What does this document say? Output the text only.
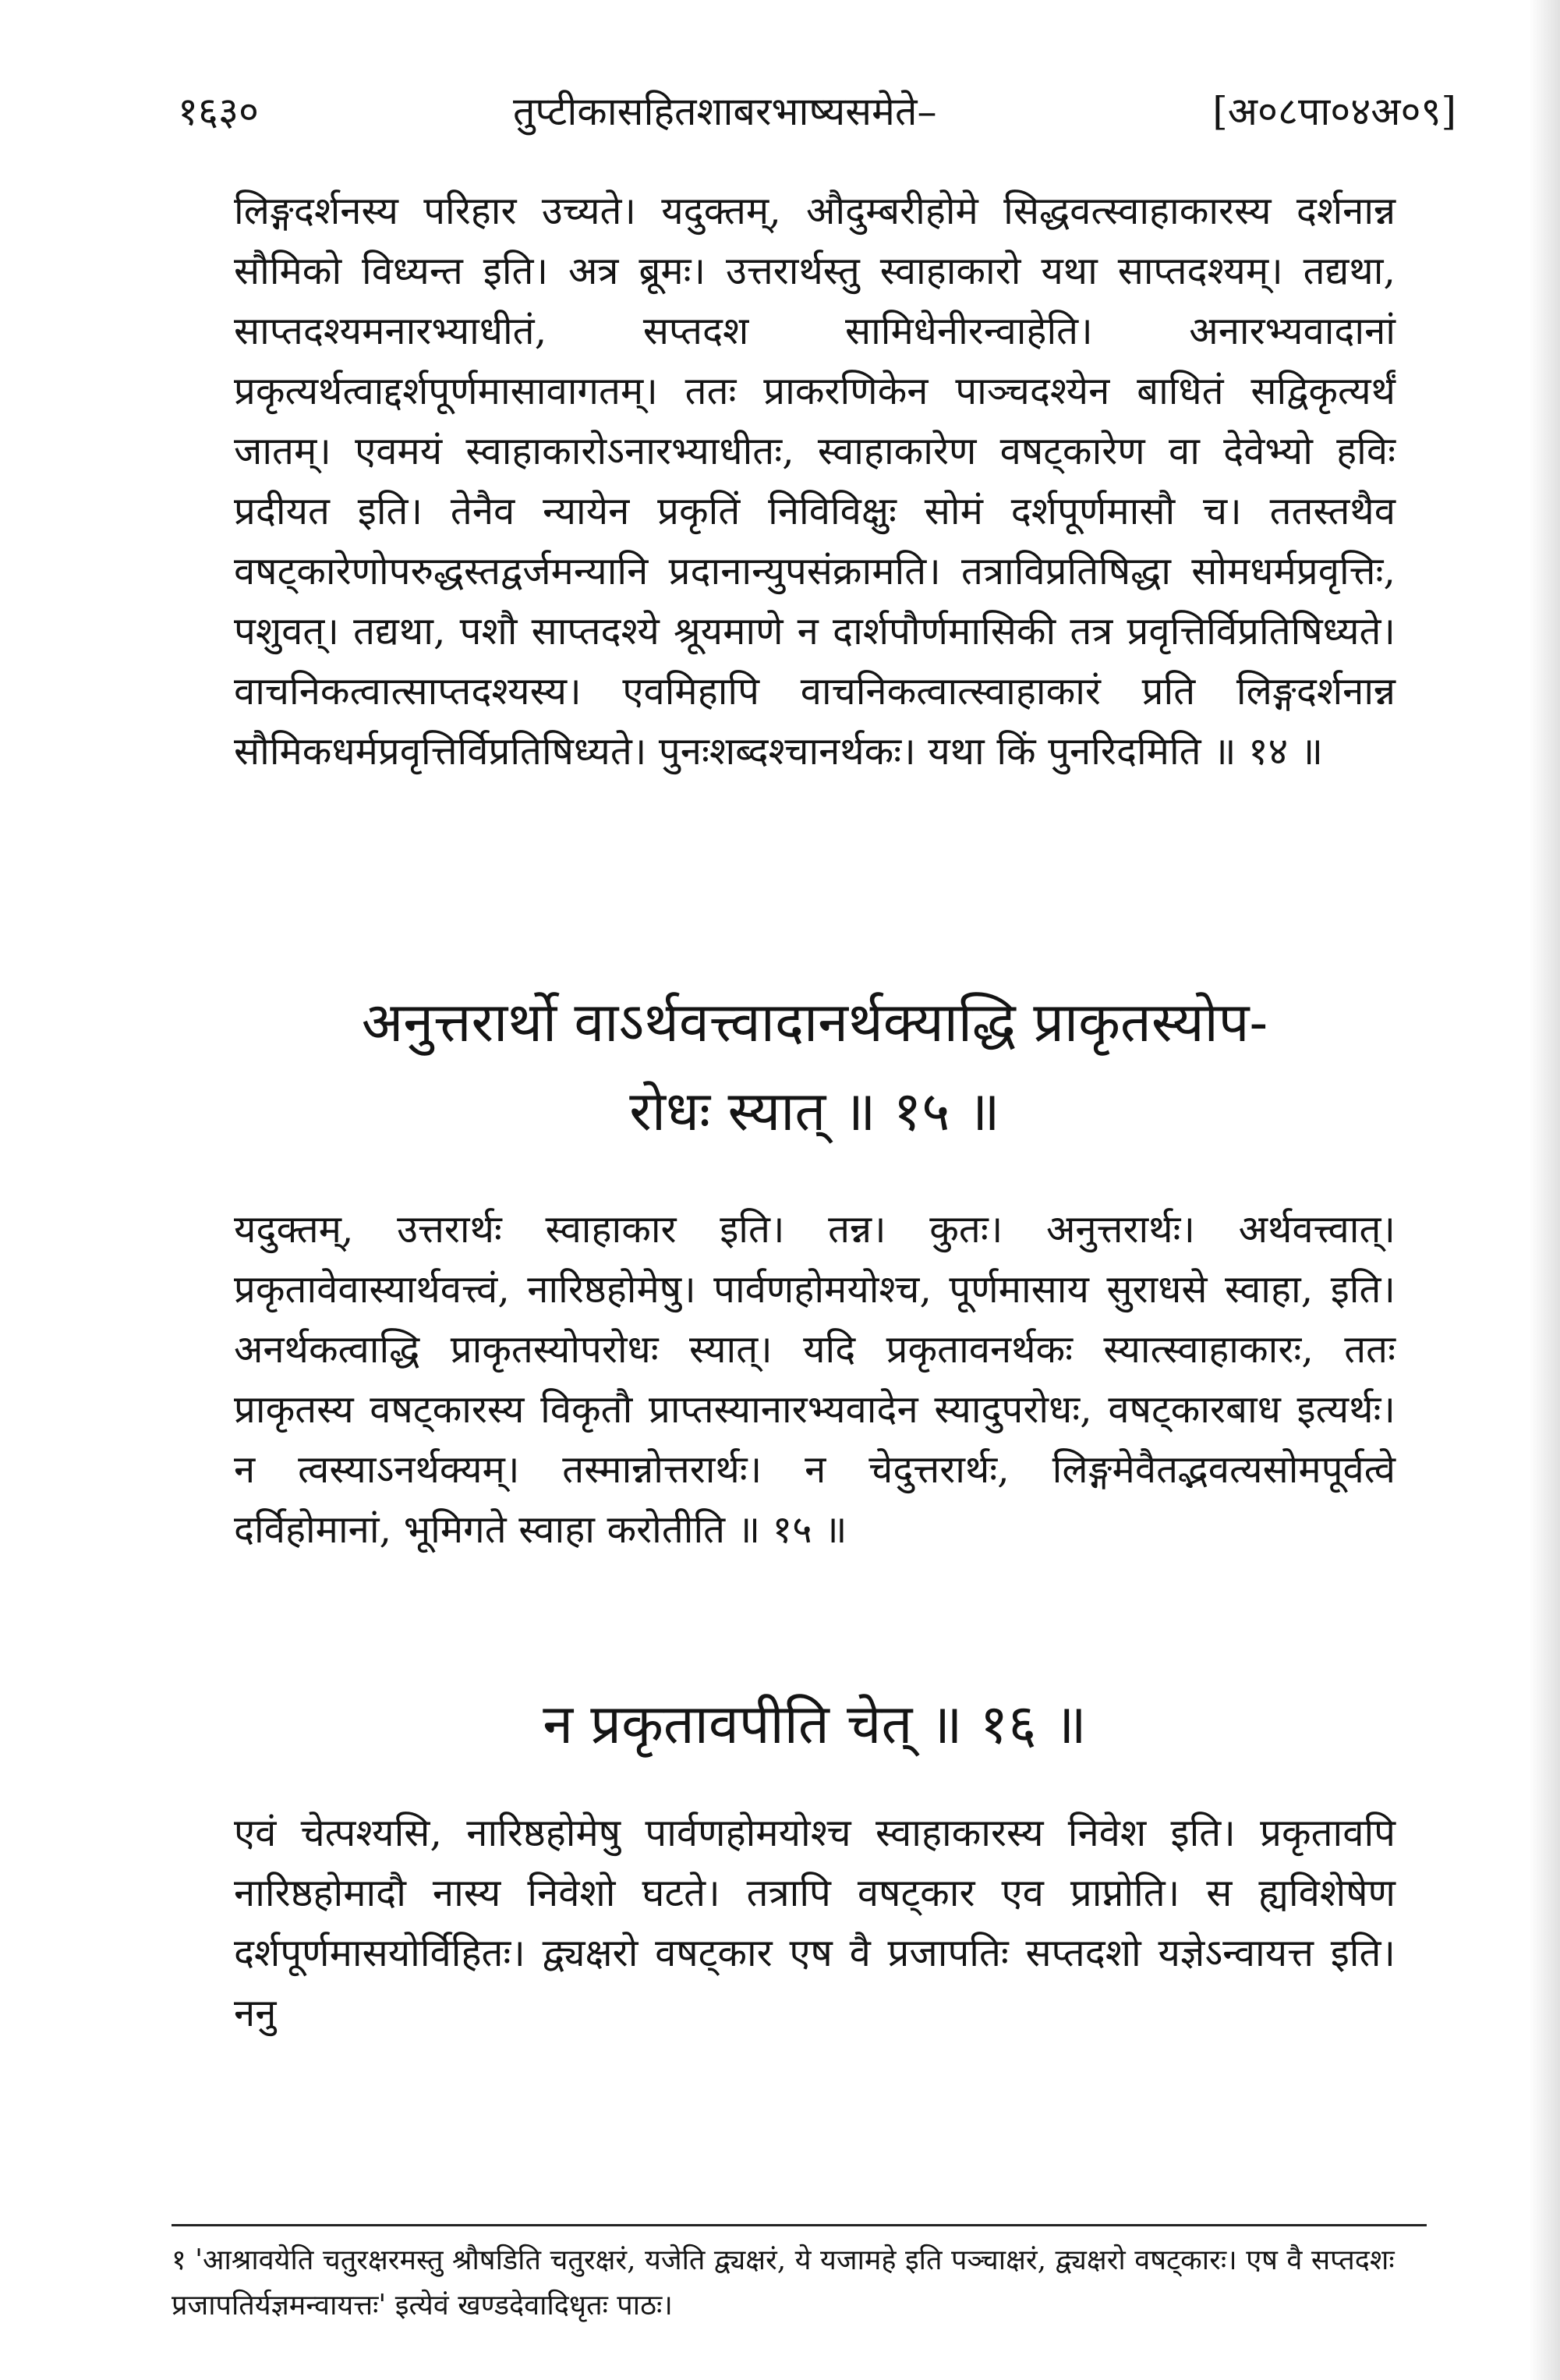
१६३०	तुप्टीकासहितशाबरभाष्यसमेते–	[अ०८पा०४अ०९]

लिङ्गदर्शनस्य परिहार उच्यते। यदुक्तम्, औदुम्बरीहोमे सिद्धवत्स्वाहाकारस्य दर्शनान्न सौमिको विध्यन्त इति। अत्र ब्रूमः। उत्तरार्थस्तु स्वाहाकारो यथा साप्तदश्यम्। तद्यथा, साप्तदश्यमनारभ्याधीतं, सप्तदश सामिधेनीरन्वाहेति। अनारभ्यवादानां प्रकृत्यर्थत्वाद्दर्शपूर्णमासावागतम्। ततः प्राकरणिकेन पाञ्चदश्येन बाधितं सद्विकृत्यर्थं जातम्। एवमयं स्वाहाकारोऽनारभ्याधीतः, स्वाहाकारेण वषट्कारेण वा देवेभ्यो हविः प्रदीयत इति। तेनैव न्यायेन प्रकृतिं निविविक्षुः सोमं दर्शपूर्णमासौ च। ततस्तथैव वषट्कारेणोपरुद्धस्तद्वर्जमन्यानि प्रदानान्युपसंक्रामति। तत्राविप्रतिषिद्धा सोमधर्मप्रवृत्तिः, पशुवत्। तद्यथा, पशौ साप्तदश्ये श्रूयमाणे न दार्शपौर्णमासिकी तत्र प्रवृत्तिर्विप्रतिषिध्यते। वाचनिकत्वात्साप्तदश्यस्य। एवमिहापि वाचनिकत्वात्स्वाहाकारं प्रति लिङ्गदर्शनान्न सौमिकधर्मप्रवृत्तिर्विप्रतिषिध्यते। पुनःशब्दश्चानर्थकः। यथा किं पुनरिदमिति ॥ १४ ॥

अनुत्तरार्थो वाऽर्थवत्त्वादानर्थक्याद्धि प्राकृतस्योप-

रोधः स्यात् ॥ १५ ॥

यदुक्तम्, उत्तरार्थः स्वाहाकार इति। तन्न। कुतः। अनुत्तरार्थः। अर्थवत्त्वात्। प्रकृतावेवास्यार्थवत्त्वं, नारिष्ठहोमेषु। पार्वणहोमयोश्च, पूर्णमासाय सुराधसे स्वाहा, इति। अनर्थकत्वाद्धि प्राकृतस्योपरोधः स्यात्। यदि प्रकृतावनर्थकः स्यात्स्वाहाकारः, ततः प्राकृतस्य वषट्कारस्य विकृतौ प्राप्तस्यानारभ्यवादेन स्यादुपरोधः, वषट्कारबाध इत्यर्थः। न त्वस्याऽनर्थक्यम्। तस्मान्नोत्तरार्थः। न चेदुत्तरार्थः, लिङ्गमेवैतद्भवत्यसोमपूर्वत्वे दर्विहोमानां, भूमिगते स्वाहा करोतीति ॥ १५ ॥

न प्रकृतावपीति चेत् ॥ १६ ॥

एवं चेत्पश्यसि, नारिष्ठहोमेषु पार्वणहोमयोश्च स्वाहाकारस्य निवेश इति। प्रकृतावपि नारिष्ठहोमादौ नास्य निवेशो घटते। तत्रापि वषट्कार एव प्राप्नोति। स ह्यविशेषेण दर्शपूर्णमासयोर्विहितः। द्व्यक्षरो वषट्कार एष वै प्रजापतिः सप्तदशो यज्ञेऽन्वायत्त इति। ननु

१ 'आश्रावयेति चतुरक्षरमस्तु श्रौषडिति चतुरक्षरं, यजेति द्व्यक्षरं, ये यजामहे इति पञ्चाक्षरं, द्व्यक्षरो वषट्कारः। एष वै सप्तदशः प्रजापतिर्यज्ञमन्वायत्तः' इत्येवं खण्डदेवादिधृतः पाठः।
